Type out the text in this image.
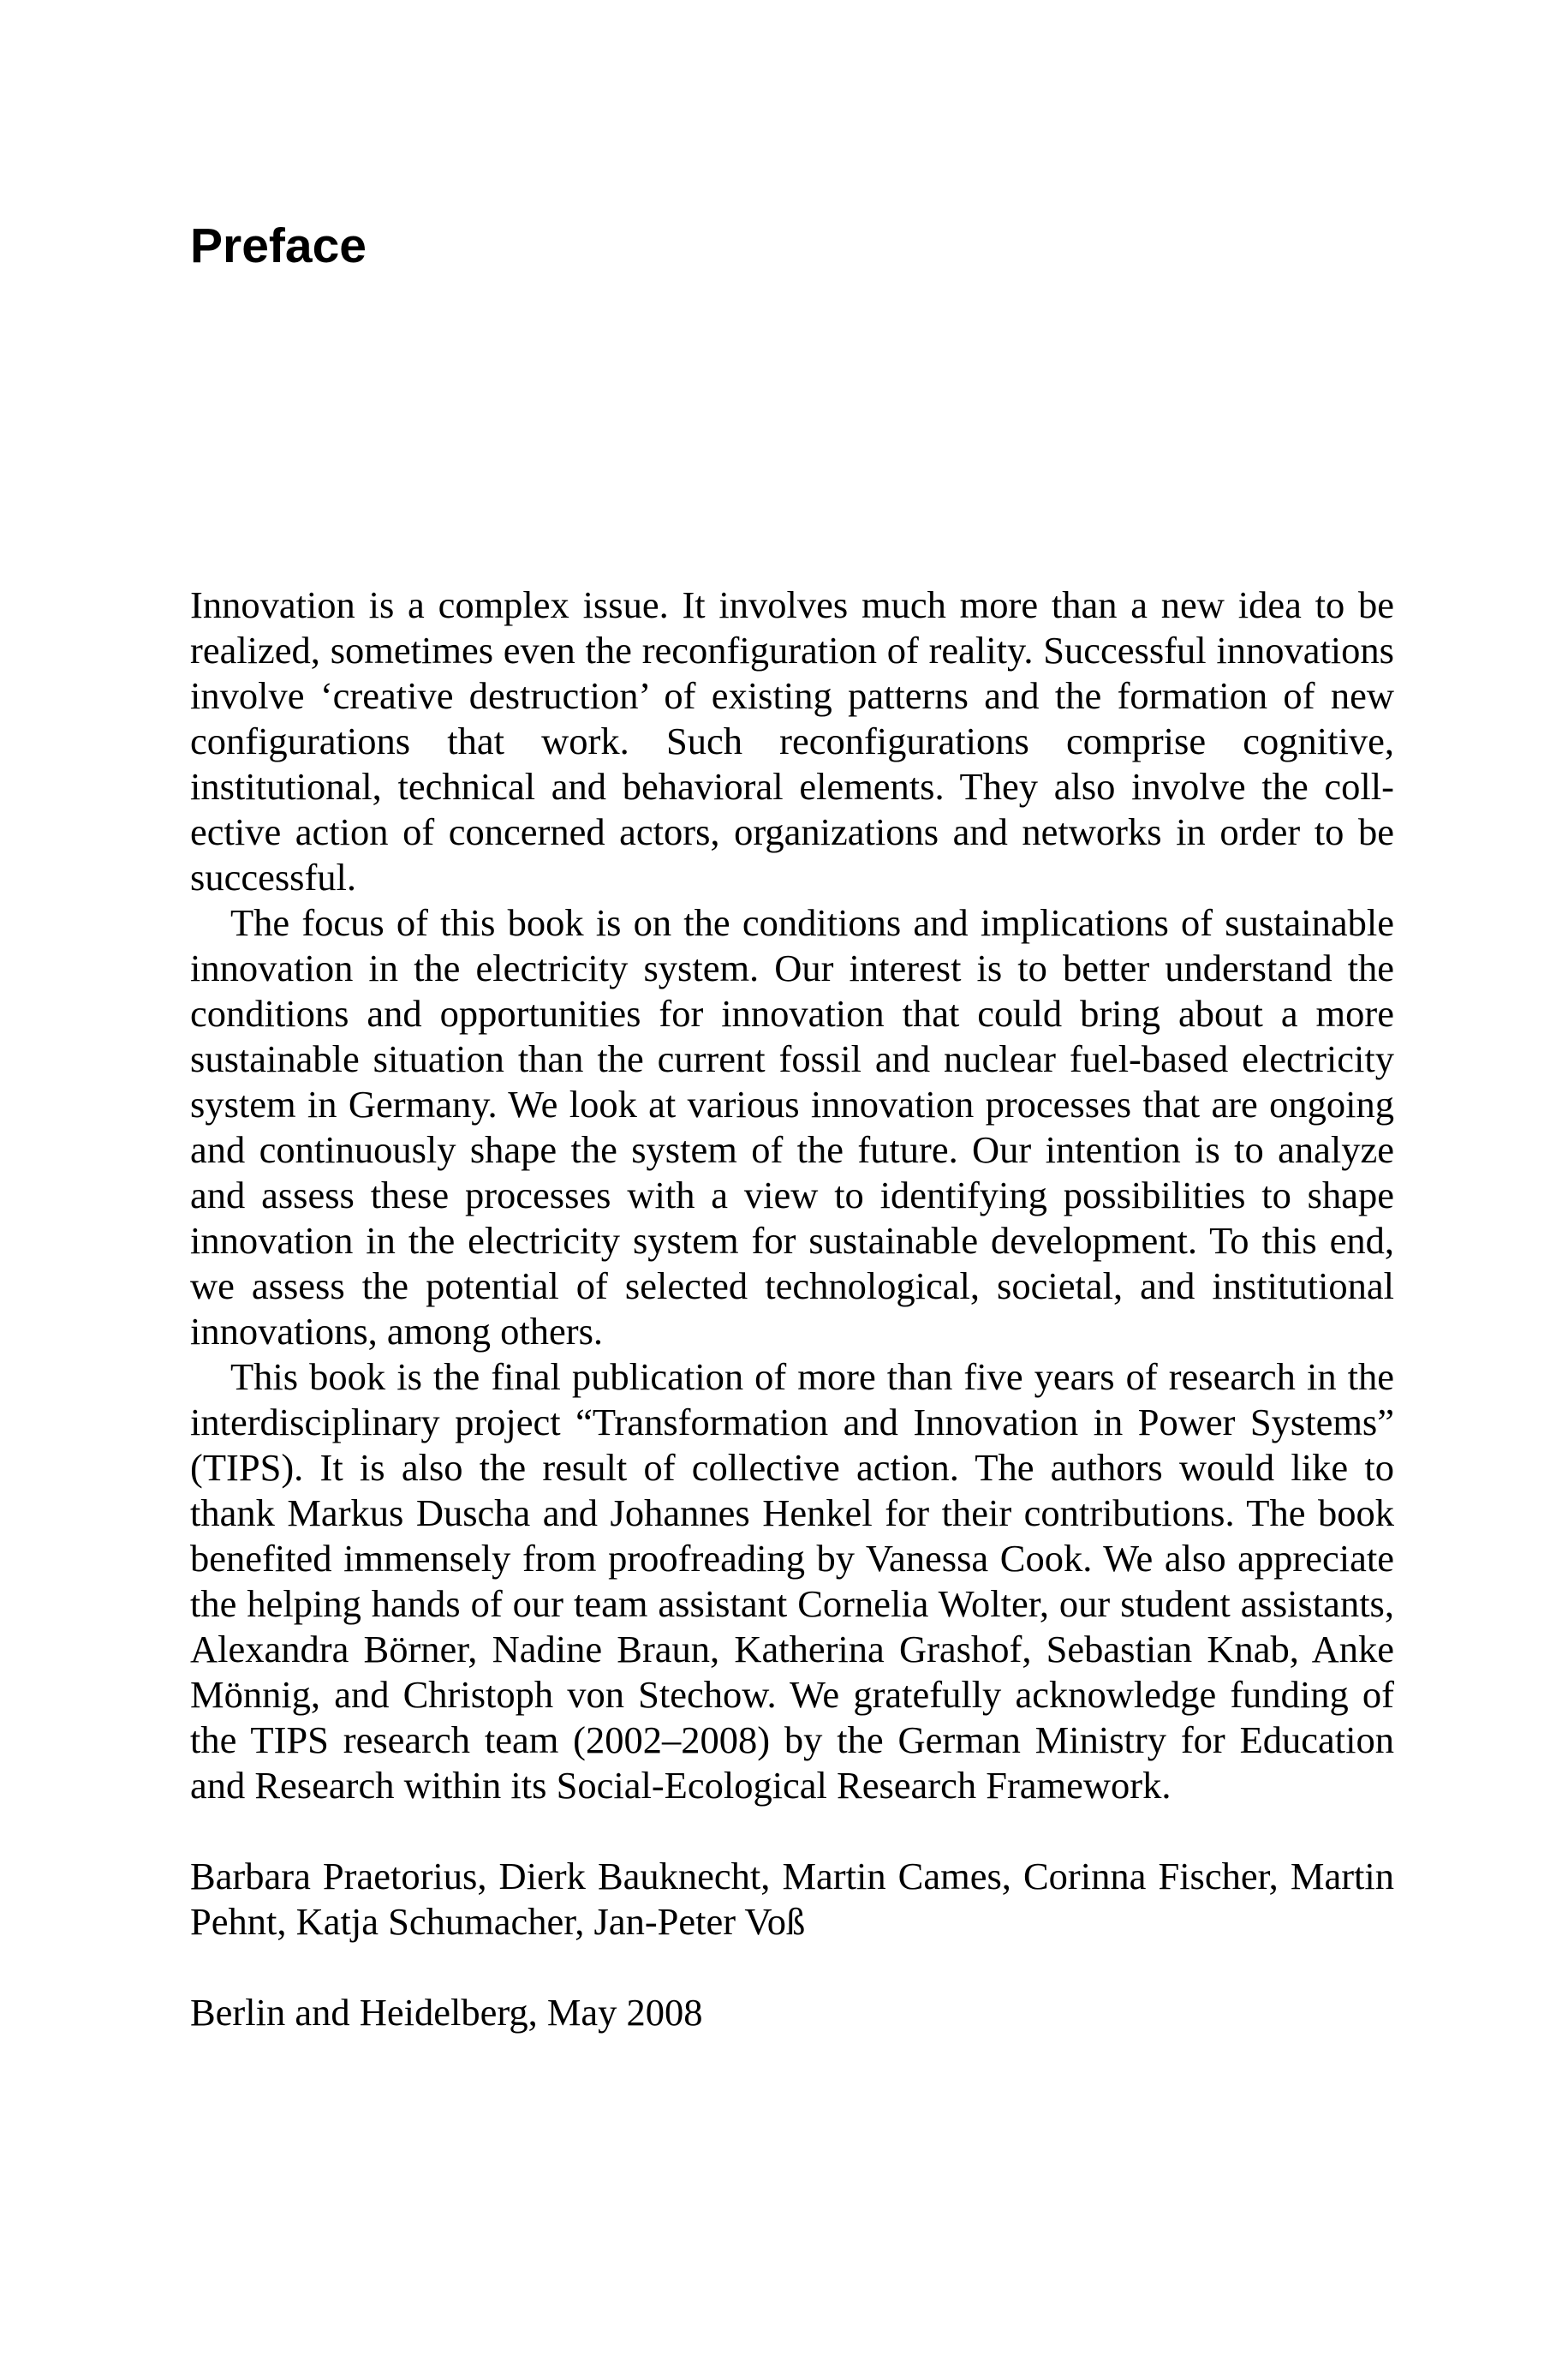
Preface

Innovation is a complex issue. It involves much more than a new idea to be realized, sometimes even the reconfiguration of reality. Successful innovations involve ‘creative destruction’ of existing patterns and the formation of new configurations that work. Such reconfigurations comprise cognitive, institutional, technical and behavioral elements. They also involve the collective action of concerned actors, organizations and networks in order to be successful.

The focus of this book is on the conditions and implications of sustainable innovation in the electricity system. Our interest is to better understand the conditions and opportunities for innovation that could bring about a more sustainable situation than the current fossil and nuclear fuel-based electricity system in Germany. We look at various innovation processes that are ongoing and continuously shape the system of the future. Our intention is to analyze and assess these processes with a view to identifying possibilities to shape innovation in the electricity system for sustainable development. To this end, we assess the potential of selected technological, societal, and institutional innovations, among others.

This book is the final publication of more than five years of research in the interdisciplinary project “Transformation and Innovation in Power Systems” (TIPS). It is also the result of collective action. The authors would like to thank Markus Duscha and Johannes Henkel for their contributions. The book benefited immensely from proofreading by Vanessa Cook. We also appreciate the helping hands of our team assistant Cornelia Wolter, our student assistants, Alexandra Börner, Nadine Braun, Katherina Grashof, Sebastian Knab, Anke Mönnig, and Christoph von Stechow. We gratefully acknowledge funding of the TIPS research team (2002–2008) by the German Ministry for Education and Research within its Social-Ecological Research Framework.

Barbara Praetorius, Dierk Bauknecht, Martin Cames, Corinna Fischer, Martin Pehnt, Katja Schumacher, Jan-Peter Voß

Berlin and Heidelberg, May 2008
